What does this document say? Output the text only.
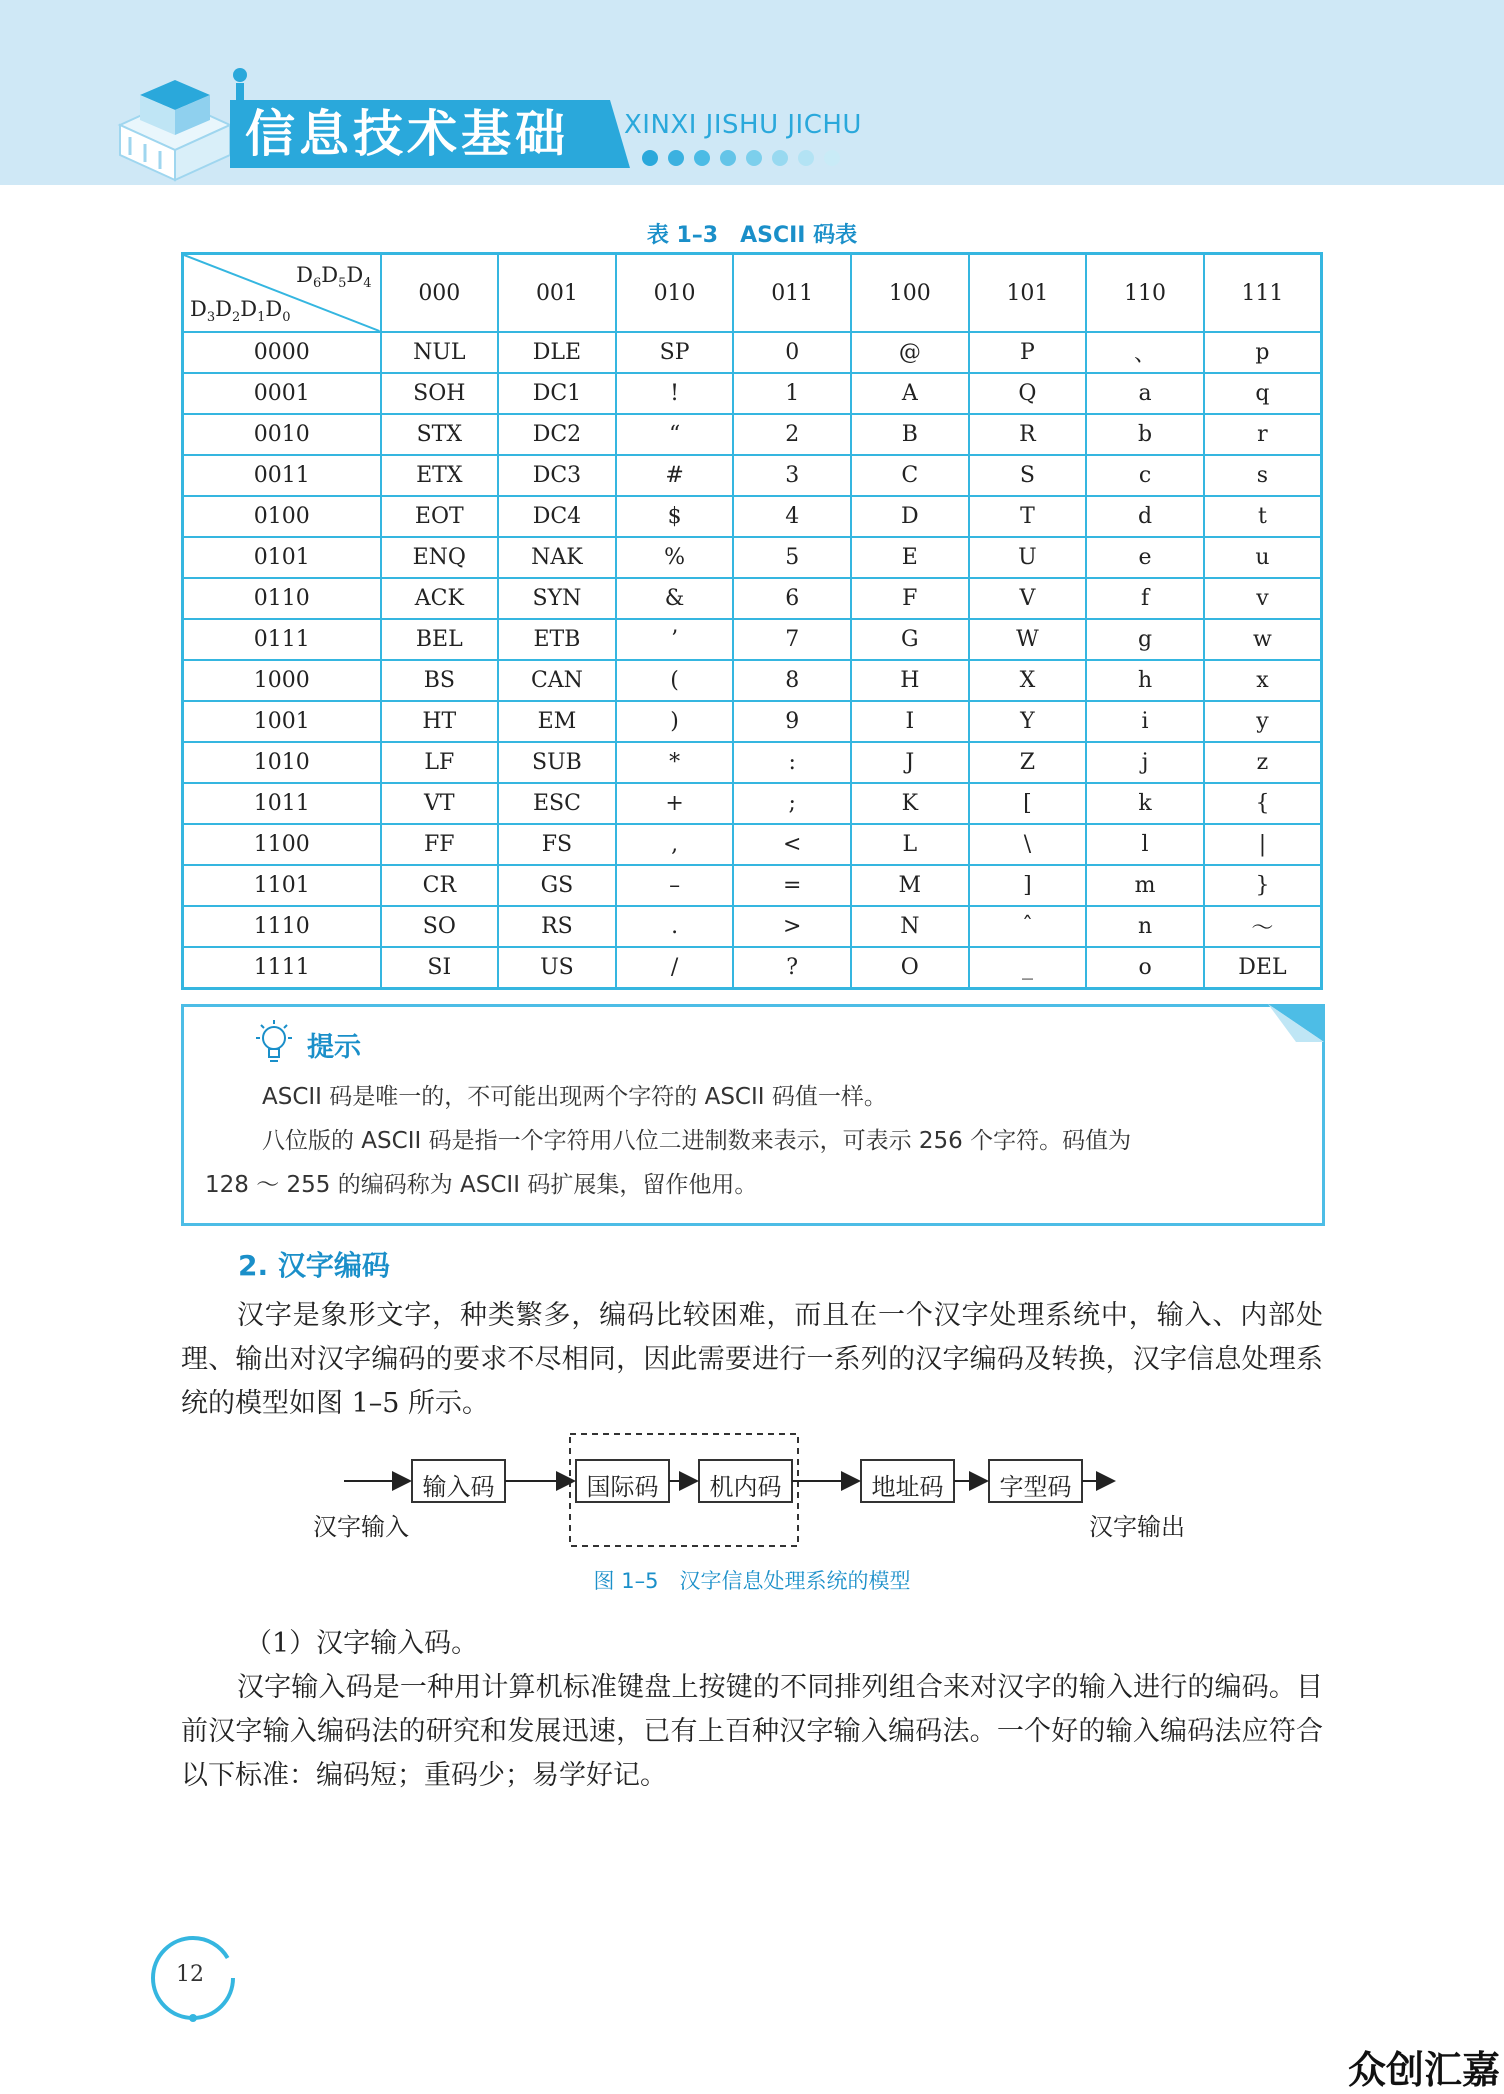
信息技术基础 XINXI JISHU JICHU
表 1–3　ASCII 码表
$D_6D_5D_4$
$D_3D_2D_1D_0$	000	001	010	011	100	101	110	111
0000	NUL	DLE	SP	0	@	P	、	p
0001	SOH	DC1	!	1	A	Q	a	q
0010	STX	DC2	“	2	B	R	b	r
0011	ETX	DC3	#	3	C	S	c	s
0100	EOT	DC4	$	4	D	T	d	t
0101	ENQ	NAK	%	5	E	U	e	u
0110	ACK	SYN	&	6	F	V	f	v
0111	BEL	ETB	’	7	G	W	g	w
1000	BS	CAN	(	8	H	X	h	x
1001	HT	EM	)	9	I	Y	i	y
1010	LF	SUB	*	:	J	Z	j	z
1011	VT	ESC	+	;	K	[	k	{
1100	FF	FS	,	<	L	\	l	|
1101	CR	GS	–	=	M	]	m	}
1110	SO	RS	.	>	N	ˆ	n	～
1111	SI	US	/	?	O	_	o	DEL
提示
ASCII 码是唯一的，不可能出现两个字符的 ASCII 码值一样。
八位版的 ASCII 码是指一个字符用八位二进制数来表示，可表示 256 个字符。码值为
128 ～ 255 的编码称为 ASCII 码扩展集，留作他用。
2. 汉字编码
汉字是象形文字，种类繁多，编码比较困难，而且在一个汉字处理系统中，输入、内部处理、输出对汉字编码的要求不尽相同，因此需要进行一系列的汉字编码及转换，汉字信息处理系统的模型如图 1–5 所示。
输入码	国际码	机内码	地址码	字型码
汉字输入	汉字输出
图 1–5　汉字信息处理系统的模型
（1）汉字输入码。
汉字输入码是一种用计算机标准键盘上按键的不同排列组合来对汉字的输入进行的编码。目前汉字输入编码法的研究和发展迅速，已有上百种汉字输入编码法。一个好的输入编码法应符合以下标准：编码短；重码少；易学好记。
12
众创汇嘉
